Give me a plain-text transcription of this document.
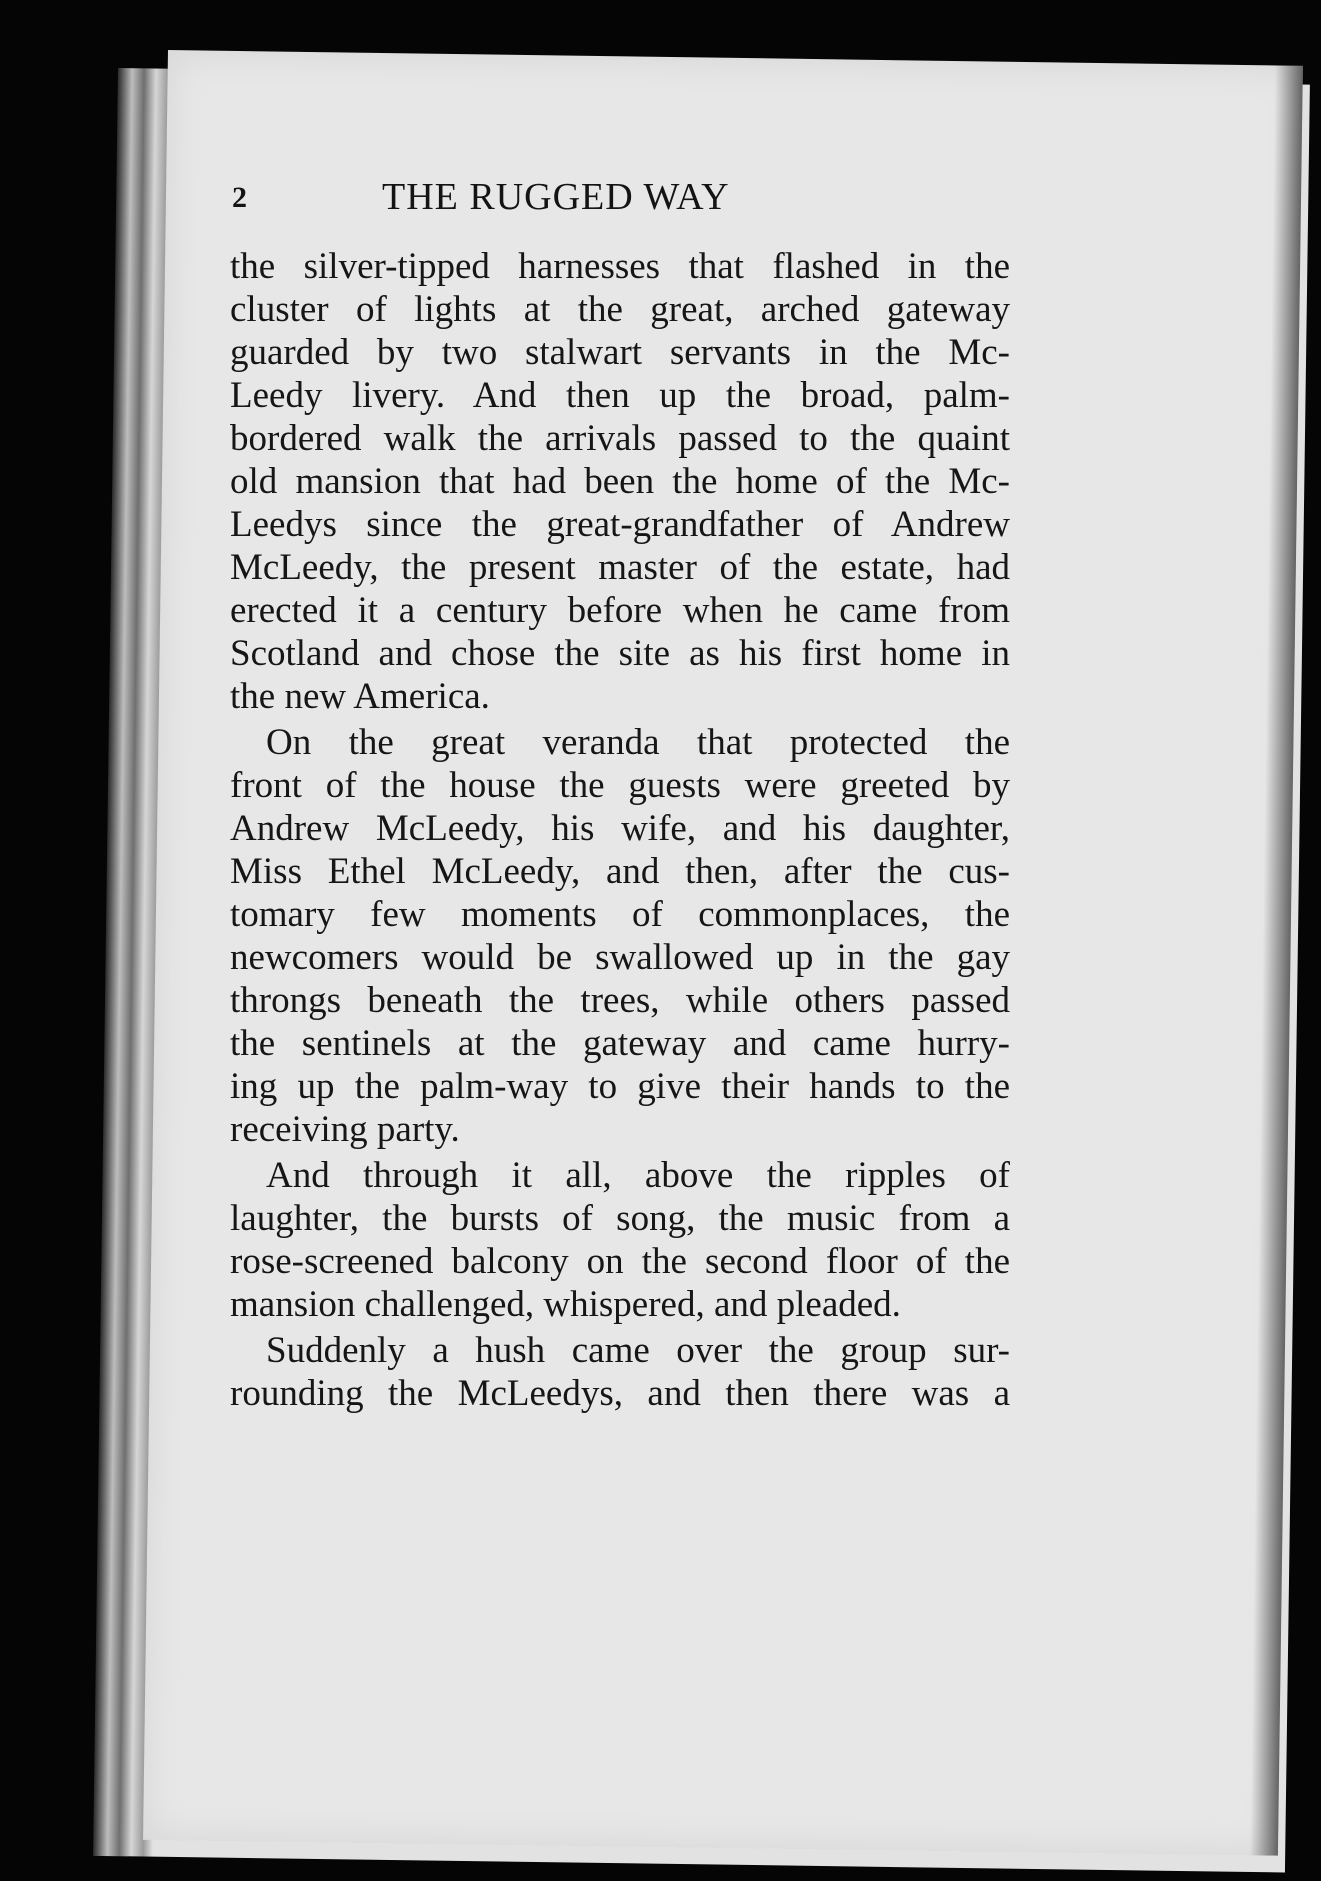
2	THE RUGGED WAY
the silver-tipped harnesses that flashed in the
cluster of lights at the great, arched gateway
guarded by two stalwart servants in the Mc-
Leedy livery. And then up the broad, palm-
bordered walk the arrivals passed to the quaint
old mansion that had been the home of the Mc-
Leedys since the great-grandfather of Andrew
McLeedy, the present master of the estate, had
erected it a century before when he came from
Scotland and chose the site as his first home in
the new America.
On the great veranda that protected the
front of the house the guests were greeted by
Andrew McLeedy, his wife, and his daughter,
Miss Ethel McLeedy, and then, after the cus-
tomary few moments of commonplaces, the
newcomers would be swallowed up in the gay
throngs beneath the trees, while others passed
the sentinels at the gateway and came hurry-
ing up the palm-way to give their hands to the
receiving party.
And through it all, above the ripples of
laughter, the bursts of song, the music from a
rose-screened balcony on the second floor of the
mansion challenged, whispered, and pleaded.
Suddenly a hush came over the group sur-
rounding the McLeedys, and then there was a
